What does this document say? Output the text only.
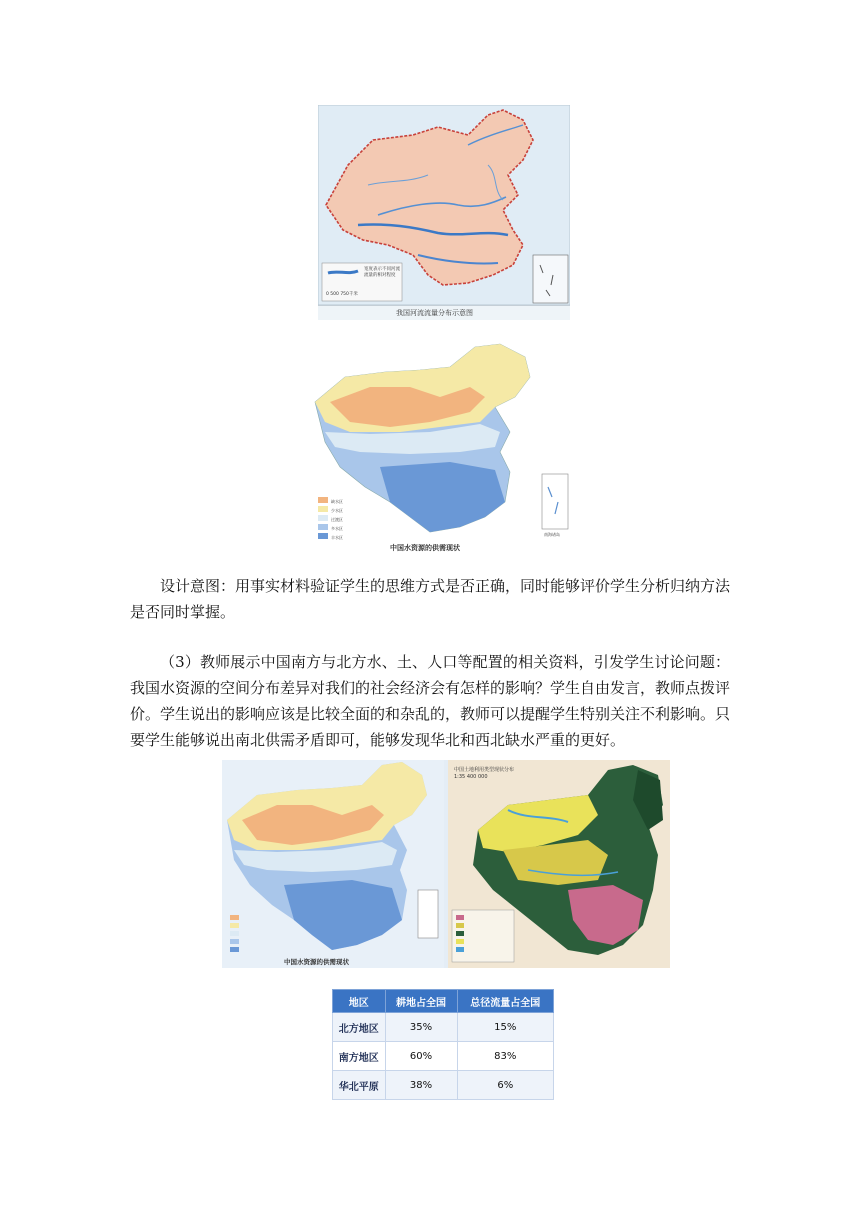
宽度表示不同河流 流量的相对程度
0 500 750千米
我国河流流量分布示意图
缺水区
少水区
过渡区
多水区
丰水区
南海诸岛
中国水资源的供需现状
设计意图：用事实材料验证学生的思维方式是否正确，同时能够评价学生分析归纳方法是否同时掌握。
（3）教师展示中国南方与北方水、土、人口等配置的相关资料，引发学生讨论问题：我国水资源的空间分布差异对我们的社会经济会有怎样的影响？学生自由发言，教师点拨评价。学生说出的影响应该是比较全面的和杂乱的，教师可以提醒学生特别关注不利影响。只要学生能够说出南北供需矛盾即可，能够发现华北和西北缺水严重的更好。
中国水资源的供需现状
中国土地利用类型现状分布
1:35 400 000
地区	耕地占全国	总径流量占全国
北方地区	35%	15%
南方地区	60%	83%
华北平原	38%	6%
